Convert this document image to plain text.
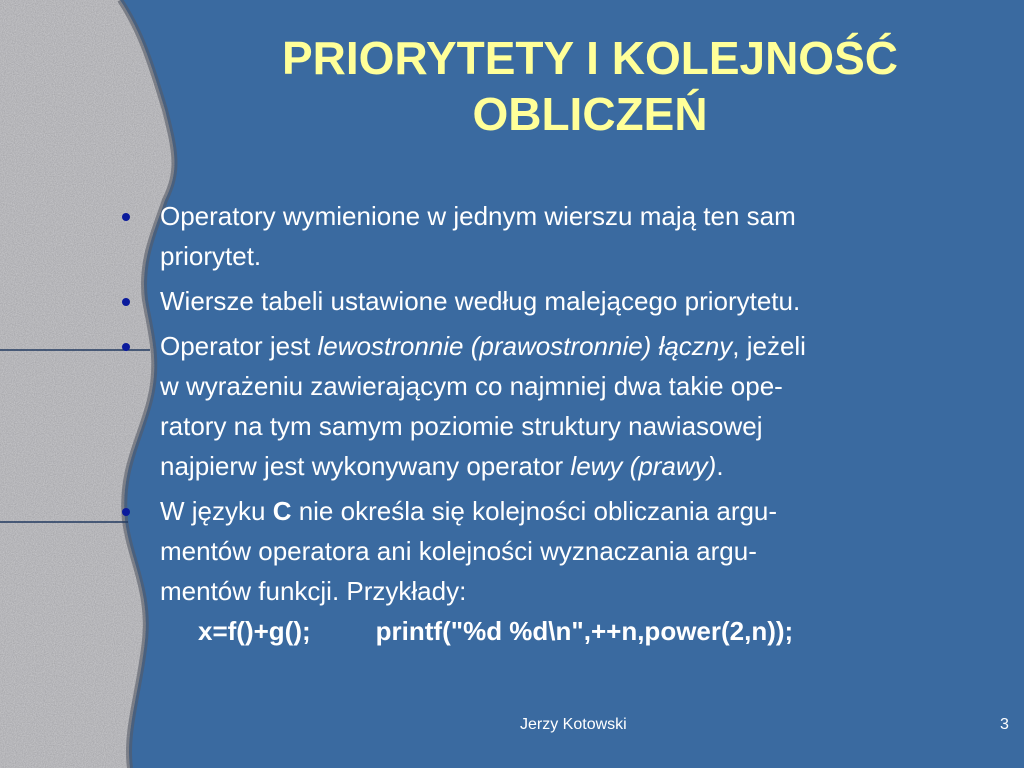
PRIORYTETY I KOLEJNOŚĆ
OBLICZEŃ
Operatory wymienione w jednym wierszu mają ten sam
priorytet.
Wiersze tabeli ustawione według malejącego priorytetu.
Operator jest lewostronnie (prawostronnie) łączny, jeżeli
w wyrażeniu zawierającym co najmniej dwa takie ope-
ratory na tym samym poziomie struktury nawiasowej
najpierw jest wykonywany operator lewy (prawy).
W języku C nie określa się kolejności obliczania argu-
mentów operatora ani kolejności wyznaczania argu-
mentów funkcji. Przykłady:
x=f()+g();         printf("%d %d\n",++n,power(2,n));
Jerzy Kotowski	3
